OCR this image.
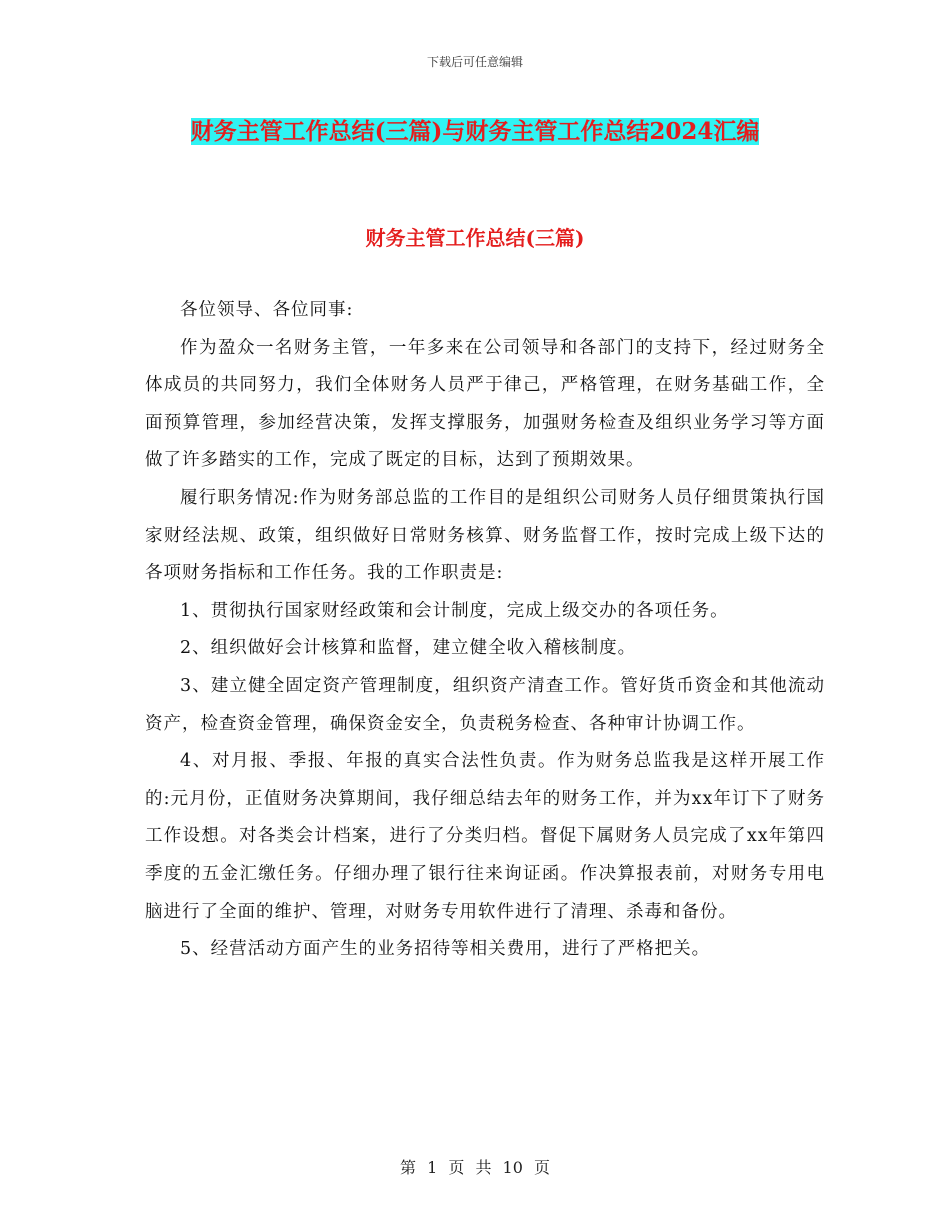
下载后可任意编辑
财务主管工作总结(三篇)与财务主管工作总结2024汇编
财务主管工作总结(三篇)

各位领导、各位同事:

作为盈众一名财务主管，一年多来在公司领导和各部门的支持下，经过财务全体成员的共同努力，我们全体财务人员严于律己，严格管理，在财务基础工作，全面预算管理，参加经营决策，发挥支撑服务，加强财务检查及组织业务学习等方面做了许多踏实的工作，完成了既定的目标，达到了预期效果。

履行职务情况:作为财务部总监的工作目的是组织公司财务人员仔细贯策执行国家财经法规、政策，组织做好日常财务核算、财务监督工作，按时完成上级下达的各项财务指标和工作任务。我的工作职责是:

1、贯彻执行国家财经政策和会计制度，完成上级交办的各项任务。

2、组织做好会计核算和监督，建立健全收入稽核制度。

3、建立健全固定资产管理制度，组织资产清查工作。管好货币资金和其他流动资产，检查资金管理，确保资金安全，负责税务检查、各种审计协调工作。

4、对月报、季报、年报的真实合法性负责。作为财务总监我是这样开展工作的:元月份，正值财务决算期间，我仔细总结去年的财务工作，并为xx年订下了财务工作设想。对各类会计档案，进行了分类归档。督促下属财务人员完成了xx年第四季度的五金汇缴任务。仔细办理了银行往来询证函。作决算报表前，对财务专用电脑进行了全面的维护、管理，对财务专用软件进行了清理、杀毒和备份。

5、经营活动方面产生的业务招待等相关费用，进行了严格把关。

第 1 页 共 10 页
